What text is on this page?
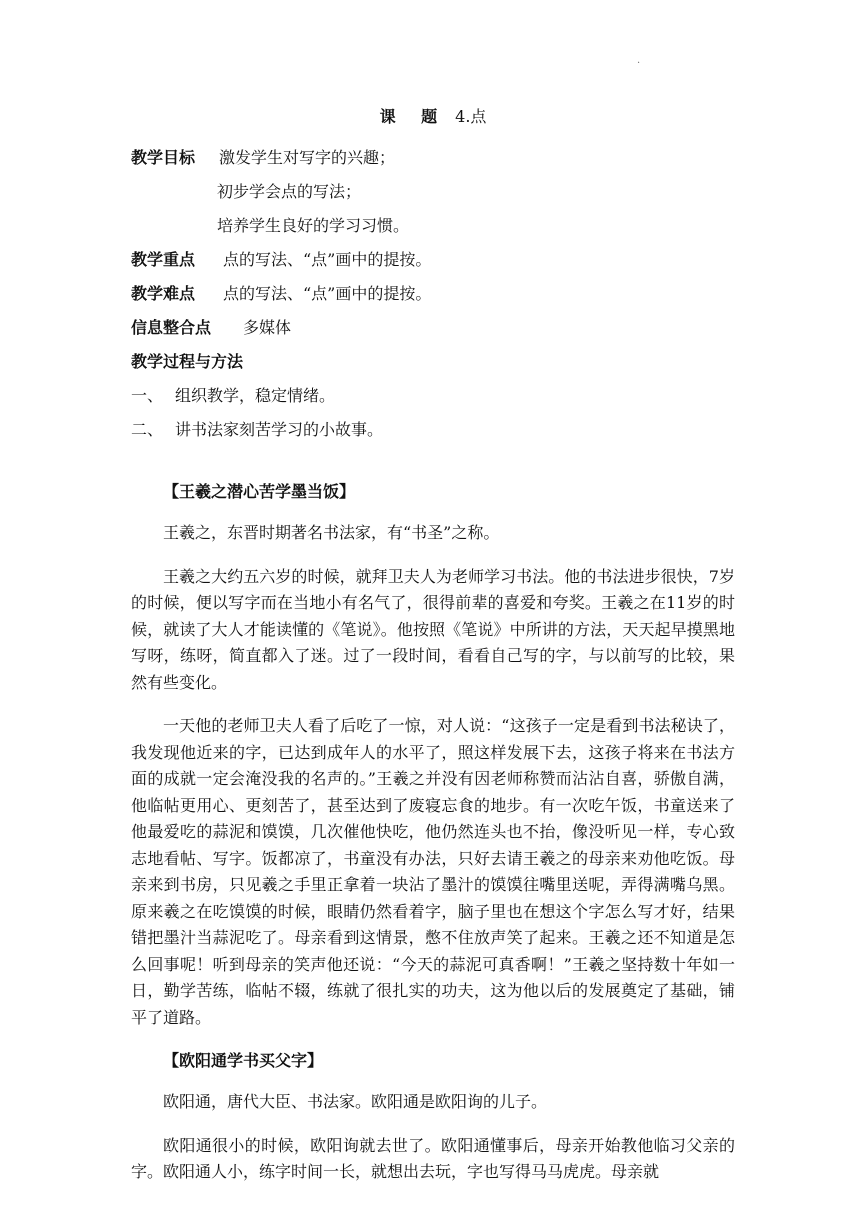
·
课 题 4.点
教学目标 激发学生对写字的兴趣；
初步学会点的写法；
培养学生良好的学习习惯。
教学重点 点的写法、“点”画中的提按。
教学难点 点的写法、“点”画中的提按。
信息整合点 多媒体
教学过程与方法
一、 组织教学，稳定情绪。
二、 讲书法家刻苦学习的小故事。
【王羲之潜心苦学墨当饭】

王羲之，东晋时期著名书法家，有“书圣”之称。

王羲之大约五六岁的时候，就拜卫夫人为老师学习书法。他的书法进步很快，7岁的时候，便以写字而在当地小有名气了，很得前辈的喜爱和夸奖。王羲之在11岁的时候，就读了大人才能读懂的《笔说》。他按照《笔说》中所讲的方法，天天起早摸黑地写呀，练呀，简直都入了迷。过了一段时间，看看自己写的字，与以前写的比较，果然有些变化。

一天他的老师卫夫人看了后吃了一惊，对人说：“这孩子一定是看到书法秘诀了，我发现他近来的字，已达到成年人的水平了，照这样发展下去，这孩子将来在书法方面的成就一定会淹没我的名声的。”王羲之并没有因老师称赞而沾沾自喜，骄傲自满，他临帖更用心、更刻苦了，甚至达到了废寝忘食的地步。有一次吃午饭，书童送来了他最爱吃的蒜泥和馍馍，几次催他快吃，他仍然连头也不抬，像没听见一样，专心致志地看帖、写字。饭都凉了，书童没有办法，只好去请王羲之的母亲来劝他吃饭。母亲来到书房，只见羲之手里正拿着一块沾了墨汁的馍馍往嘴里送呢，弄得满嘴乌黑。原来羲之在吃馍馍的时候，眼睛仍然看着字，脑子里也在想这个字怎么写才好，结果错把墨汁当蒜泥吃了。母亲看到这情景，憋不住放声笑了起来。王羲之还不知道是怎么回事呢！听到母亲的笑声他还说：“今天的蒜泥可真香啊！”王羲之坚持数十年如一日，勤学苦练，临帖不辍，练就了很扎实的功夫，这为他以后的发展奠定了基础，铺平了道路。

【欧阳通学书买父字】

欧阳通，唐代大臣、书法家。欧阳通是欧阳询的儿子。

欧阳通很小的时候，欧阳询就去世了。欧阳通懂事后，母亲开始教他临习父亲的字。欧阳通人小，练字时间一长，就想出去玩，字也写得马马虎虎。母亲就
